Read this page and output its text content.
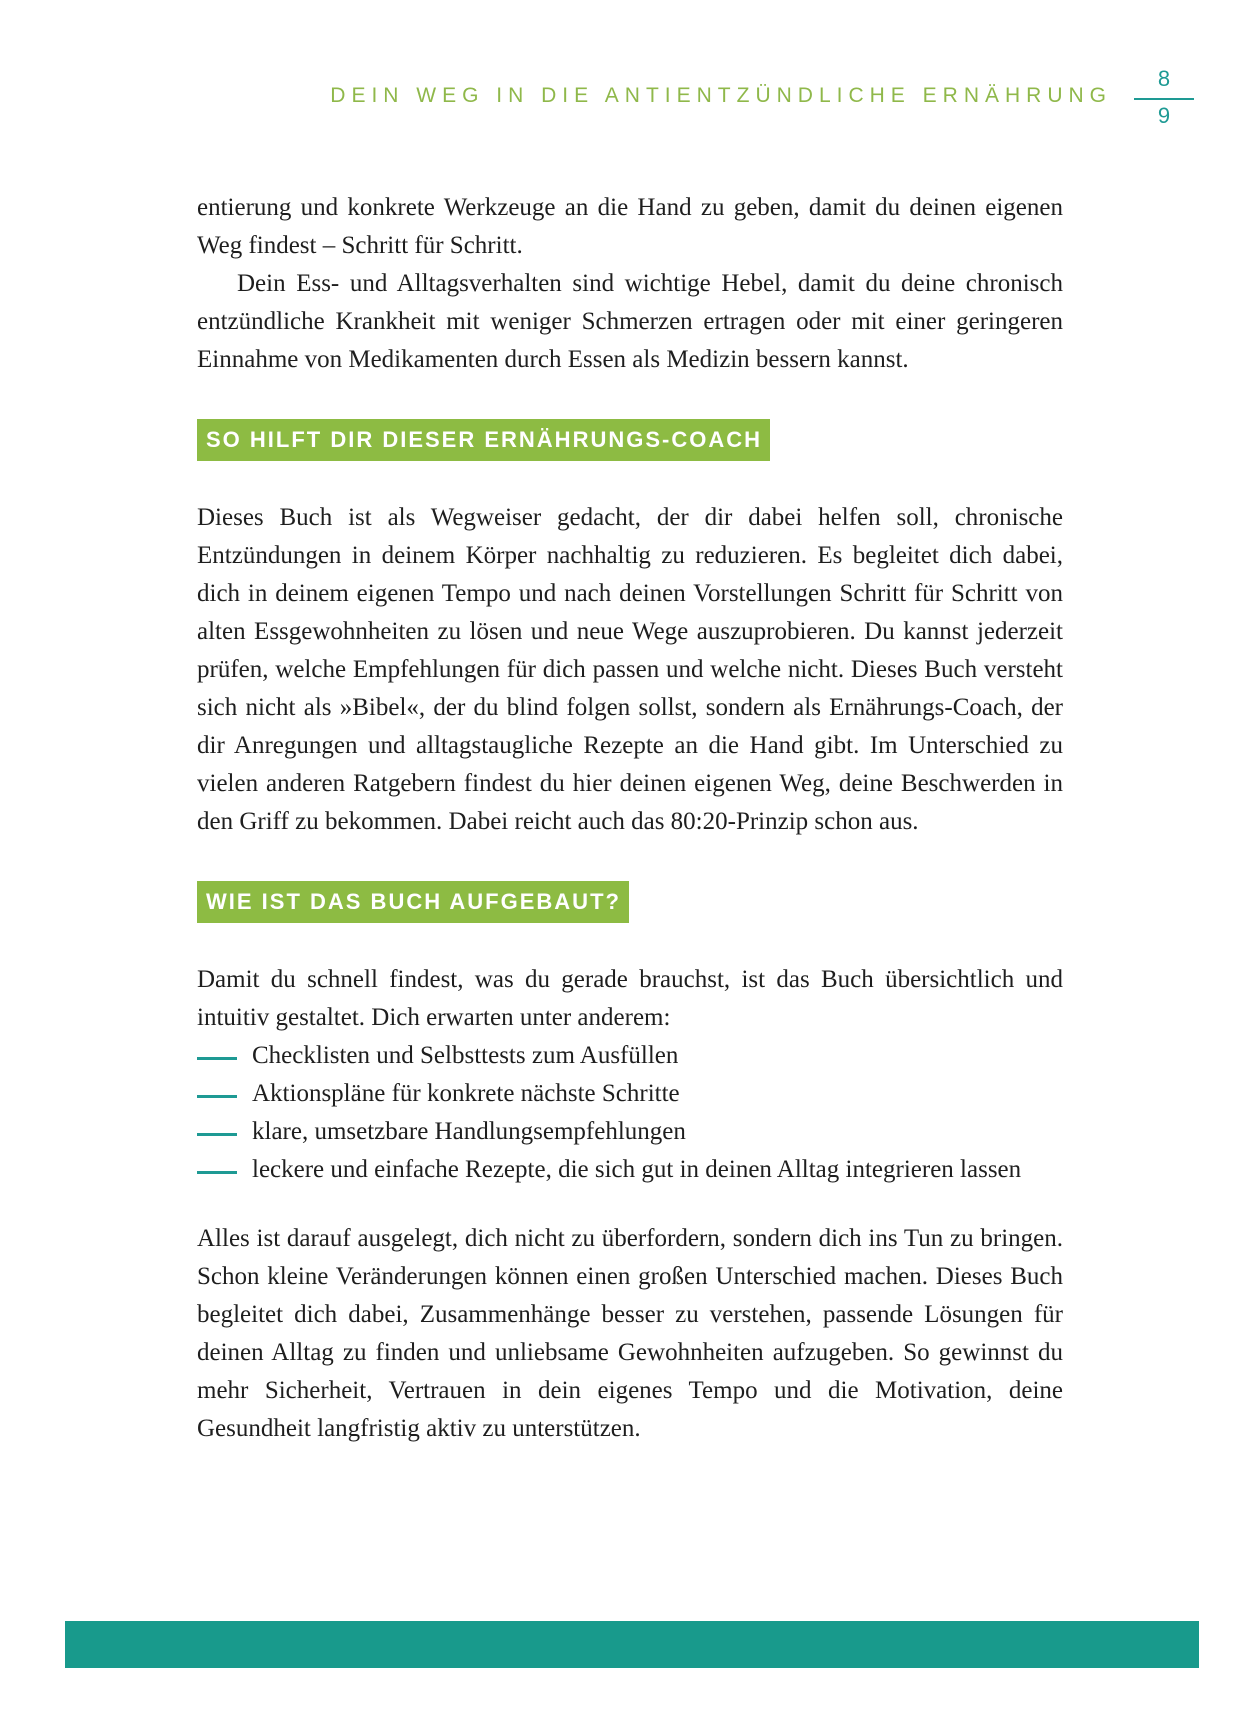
DEIN WEG IN DIE ANTIENTZÜNDLICHE ERNÄHRUNG
8
9

entierung und konkrete Werkzeuge an die Hand zu geben, damit du deinen eigenen Weg findest – Schritt für Schritt.

Dein Ess- und Alltagsverhalten sind wichtige Hebel, damit du deine chronisch entzündliche Krankheit mit weniger Schmerzen ertragen oder mit einer geringeren Einnahme von Medikamenten durch Essen als Medizin bessern kannst.

SO HILFT DIR DIESER ERNÄHRUNGS-COACH

Dieses Buch ist als Wegweiser gedacht, der dir dabei helfen soll, chronische Entzündungen in deinem Körper nachhaltig zu reduzieren. Es begleitet dich dabei, dich in deinem eigenen Tempo und nach deinen Vorstellungen Schritt für Schritt von alten Essgewohnheiten zu lösen und neue Wege auszuprobieren. Du kannst jederzeit prüfen, welche Empfehlungen für dich passen und welche nicht. Dieses Buch versteht sich nicht als »Bibel«, der du blind folgen sollst, sondern als Ernährungs-Coach, der dir Anregungen und alltagstaugliche Rezepte an die Hand gibt. Im Unterschied zu vielen anderen Ratgebern findest du hier deinen eigenen Weg, deine Beschwerden in den Griff zu bekommen. Dabei reicht auch das 80:20-Prinzip schon aus.

WIE IST DAS BUCH AUFGEBAUT?

Damit du schnell findest, was du gerade brauchst, ist das Buch übersichtlich und intuitiv gestaltet. Dich erwarten unter anderem:

Checklisten und Selbsttests zum Ausfüllen
Aktionspläne für konkrete nächste Schritte
klare, umsetzbare Handlungsempfehlungen
leckere und einfache Rezepte, die sich gut in deinen Alltag integrieren lassen

Alles ist darauf ausgelegt, dich nicht zu überfordern, sondern dich ins Tun zu bringen. Schon kleine Veränderungen können einen großen Unterschied machen. Dieses Buch begleitet dich dabei, Zusammenhänge besser zu verstehen, passende Lösungen für deinen Alltag zu finden und unliebsame Gewohnheiten aufzugeben. So gewinnst du mehr Sicherheit, Vertrauen in dein eigenes Tempo und die Motivation, deine Gesundheit langfristig aktiv zu unterstützen.
